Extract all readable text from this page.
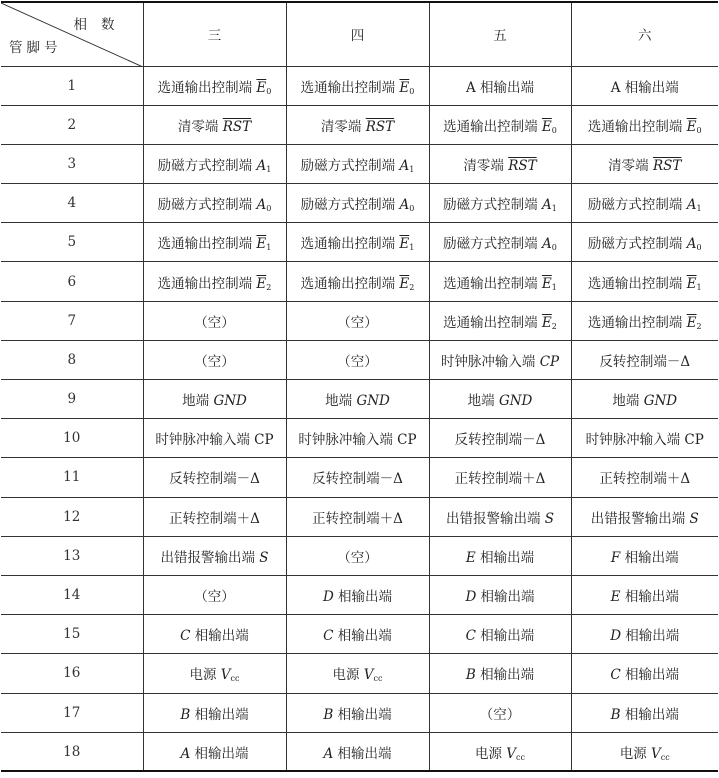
相数
管脚号	三	四	五	六
1	选通输出控制端 $\overline{E}_0$	选通输出控制端 $\overline{E}_0$	A 相输出端	A 相输出端
2	清零端 $\overline{RST}$	清零端 $\overline{RST}$	选通输出控制端 $\overline{E}_0$	选通输出控制端 $\overline{E}_0$
3	励磁方式控制端 $A_1$	励磁方式控制端 $A_1$	清零端 $\overline{RST}$	清零端 $\overline{RST}$
4	励磁方式控制端 $A_0$	励磁方式控制端 $A_0$	励磁方式控制端 $A_1$	励磁方式控制端 $A_1$
5	选通输出控制端 $\overline{E}_1$	选通输出控制端 $\overline{E}_1$	励磁方式控制端 $A_0$	励磁方式控制端 $A_0$
6	选通输出控制端 $\overline{E}_2$	选通输出控制端 $\overline{E}_2$	选通输出控制端 $\overline{E}_1$	选通输出控制端 $\overline{E}_1$
7	（空）	（空）	选通输出控制端 $\overline{E}_2$	选通输出控制端 $\overline{E}_2$
8	（空）	（空）	时钟脉冲输入端 CP	反转控制端－Δ
9	地端 GND	地端 GND	地端 GND	地端 GND
10	时钟脉冲输入端 CP	时钟脉冲输入端 CP	反转控制端－Δ	时钟脉冲输入端 CP
11	反转控制端－Δ	反转控制端－Δ	正转控制端＋Δ	正转控制端＋Δ
12	正转控制端＋Δ	正转控制端＋Δ	出错报警输出端 S	出错报警输出端 S
13	出错报警输出端 S	（空）	E 相输出端	F 相输出端
14	（空）	D 相输出端	D 相输出端	E 相输出端
15	C 相输出端	C 相输出端	C 相输出端	D 相输出端
16	电源 $V_{cc}$	电源 $V_{cc}$	B 相输出端	C 相输出端
17	B 相输出端	B 相输出端	（空）	B 相输出端
18	A 相输出端	A 相输出端	电源 $V_{cc}$	电源 $V_{cc}$
